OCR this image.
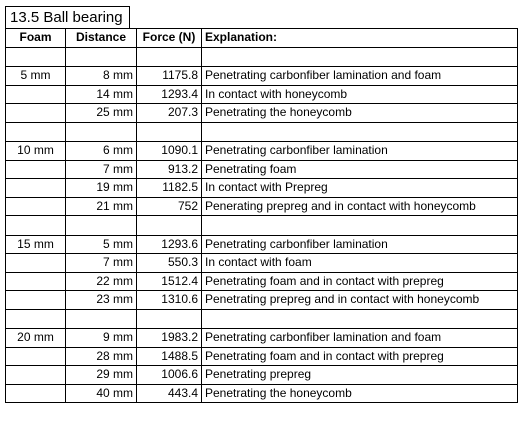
13.5 Ball bearing
Foam	Distance	Force (N)	Explanation:

5 mm	8 mm	1175.8	Penetrating carbonfiber lamination and foam
	14 mm	1293.4	In contact with honeycomb
	25 mm	207.3	Penetrating the honeycomb

10 mm	6 mm	1090.1	Penetrating carbonfiber lamination
	7 mm	913.2	Penetrating foam
	19 mm	1182.5	In contact with Prepreg
	21 mm	752	Penerating prepreg and in contact with honeycomb

15 mm	5 mm	1293.6	Penetrating carbonfiber lamination
	7 mm	550.3	In contact with foam
	22 mm	1512.4	Penetrating foam and in contact with prepreg
	23 mm	1310.6	Penetrating prepreg and in contact with honeycomb

20 mm	9 mm	1983.2	Penetrating carbonfiber lamination and foam
	28 mm	1488.5	Penetrating foam and in contact with prepreg
	29 mm	1006.6	Penetrating prepreg
	40 mm	443.4	Penetrating the honeycomb
